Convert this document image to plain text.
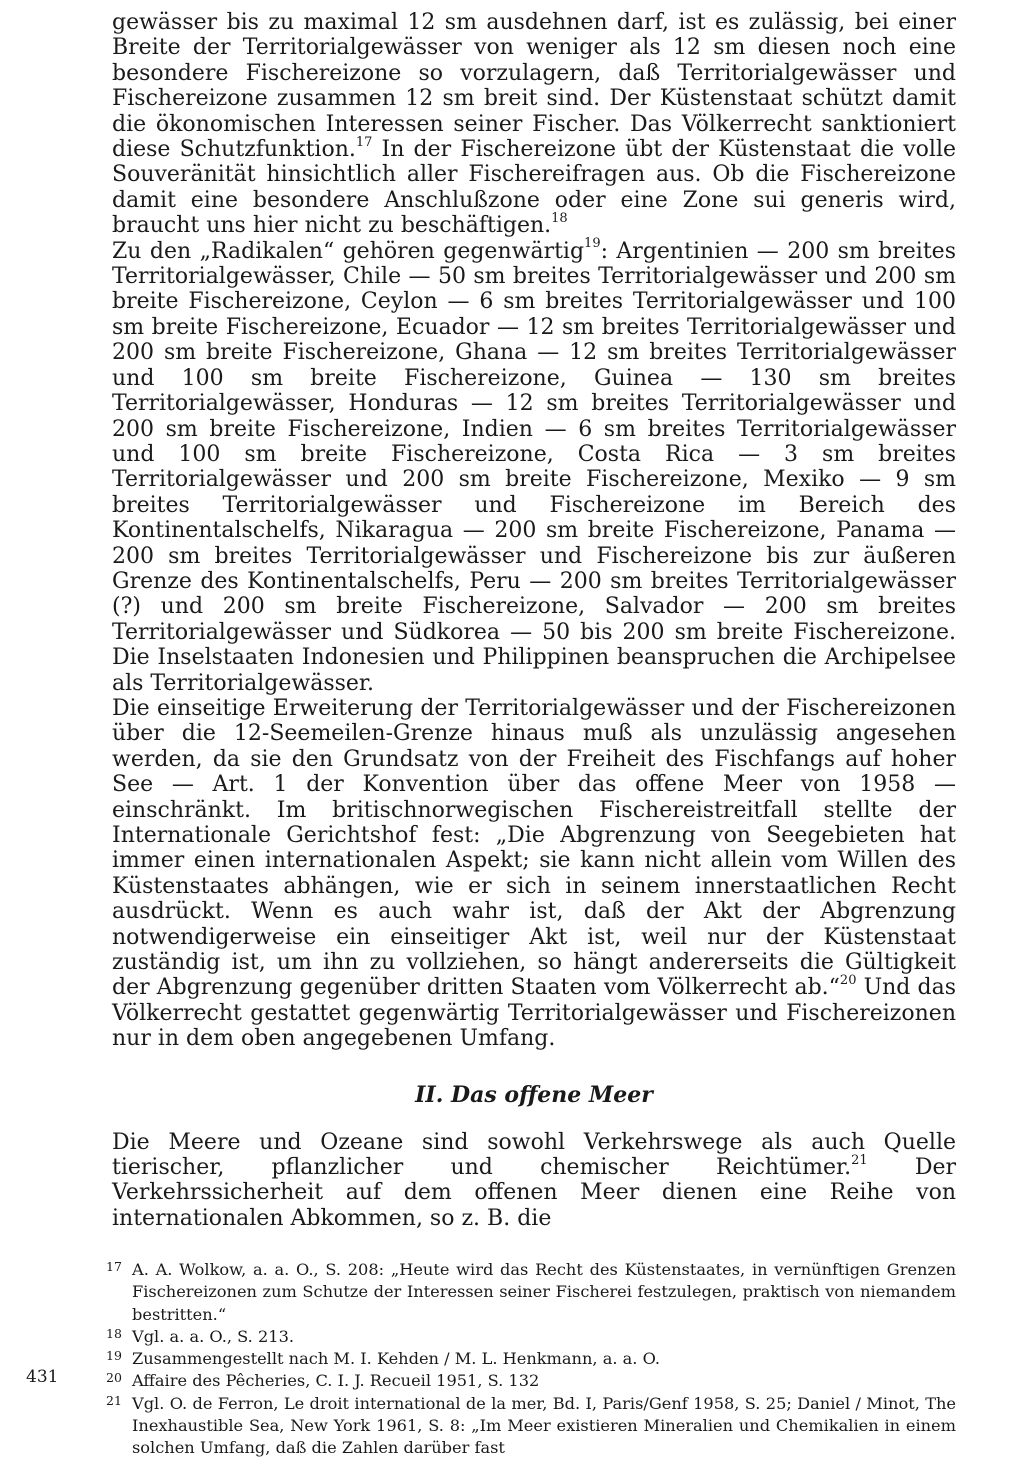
gewässer bis zu maximal 12 sm ausdehnen darf, ist es zulässig, bei einer Breite der Territorialgewässer von weniger als 12 sm diesen noch eine besondere Fischereizone so vorzulagern, daß Territorialgewässer und Fischereizone zusammen 12 sm breit sind. Der Küstenstaat schützt damit die ökonomischen Interessen seiner Fischer. Das Völkerrecht sanktioniert diese Schutzfunktion.$^{17}$ In der Fischereizone übt der Küstenstaat die volle Souveränität hinsichtlich aller Fischereifragen aus. Ob die Fischereizone damit eine besondere Anschlußzone oder eine Zone sui generis wird, braucht uns hier nicht zu beschäftigen.$^{18}$

Zu den „Radikalen“ gehören gegenwärtig$^{19}$: Argentinien — 200 sm breites Territorialgewässer, Chile — 50 sm breites Territorialgewässer und 200 sm breite Fischereizone, Ceylon — 6 sm breites Territorialgewässer und 100 sm breite Fischereizone, Ecuador — 12 sm breites Territorialgewässer und 200 sm breite Fischereizone, Ghana — 12 sm breites Territorialgewässer und 100 sm breite Fischereizone, Guinea — 130 sm breites Territorialgewässer, Honduras — 12 sm breites Territorialgewässer und 200 sm breite Fischereizone, Indien — 6 sm breites Territorialgewässer und 100 sm breite Fischereizone, Costa Rica — 3 sm breites Territorialgewässer und 200 sm breite Fischereizone, Mexiko — 9 sm breites Territorialgewässer und Fischereizone im Bereich des Kontinentalschelfs, Nikaragua — 200 sm breite Fischereizone, Panama — 200 sm breites Territorialgewässer und Fischereizone bis zur äußeren Grenze des Kontinentalschelfs, Peru — 200 sm breites Territorialgewässer (?) und 200 sm breite Fischereizone, Salvador — 200 sm breites Territorialgewässer und Südkorea — 50 bis 200 sm breite Fischereizone. Die Inselstaaten Indonesien und Philippinen beanspruchen die Archipelsee als Territorialgewässer.

Die einseitige Erweiterung der Territorialgewässer und der Fischereizonen über die 12-Seemeilen-Grenze hinaus muß als unzulässig angesehen werden, da sie den Grundsatz von der Freiheit des Fischfangs auf hoher See — Art. 1 der Konvention über das offene Meer von 1958 — einschränkt. Im britischnorwegischen Fischereistreitfall stellte der Internationale Gerichtshof fest: „Die Abgrenzung von Seegebieten hat immer einen internationalen Aspekt; sie kann nicht allein vom Willen des Küstenstaates abhängen, wie er sich in seinem innerstaatlichen Recht ausdrückt. Wenn es auch wahr ist, daß der Akt der Abgrenzung notwendigerweise ein einseitiger Akt ist, weil nur der Küstenstaat zuständig ist, um ihn zu vollziehen, so hängt andererseits die Gültigkeit der Abgrenzung gegenüber dritten Staaten vom Völkerrecht ab.“$^{20}$ Und das Völkerrecht gestattet gegenwärtig Territorialgewässer und Fischereizonen nur in dem oben angegebenen Umfang.

II. Das offene Meer

Die Meere und Ozeane sind sowohl Verkehrswege als auch Quelle tierischer, pflanzlicher und chemischer Reichtümer.$^{21}$ Der Verkehrssicherheit auf dem offenen Meer dienen eine Reihe von internationalen Abkommen, so z. B. die

17 A. A. Wolkow, a. a. O., S. 208: „Heute wird das Recht des Küstenstaates, in vernünftigen Grenzen Fischereizonen zum Schutze der Interessen seiner Fischerei festzulegen, praktisch von niemandem bestritten.“

18 Vgl. a. a. O., S. 213.

19 Zusammengestellt nach M. I. Kehden / M. L. Henkmann, a. a. O.

20 Affaire des Pêcheries, C. I. J. Recueil 1951, S. 132

21 Vgl. O. de Ferron, Le droit international de la mer, Bd. I, Paris/Genf 1958, S. 25; Daniel / Minot, The Inexhaustible Sea, New York 1961, S. 8: „Im Meer existieren Mineralien und Chemikalien in einem solchen Umfang, daß die Zahlen darüber fast

431
